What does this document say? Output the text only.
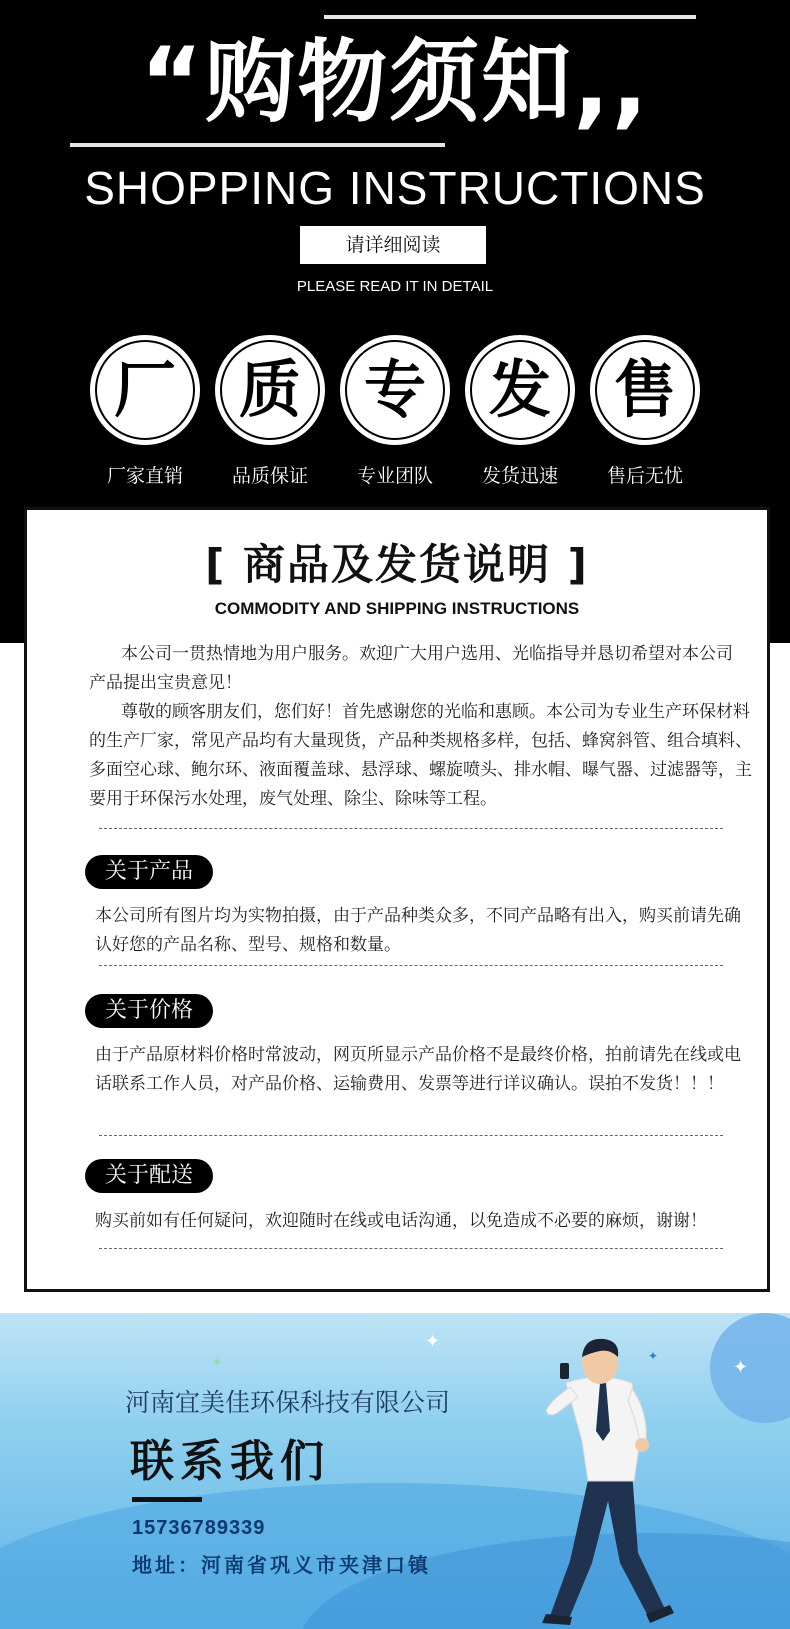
“购物须知,,
SHOPPING INSTRUCTIONS
请详细阅读
PLEASE READ IT IN DETAIL
厂
厂家直销
质
品质保证
专
专业团队
发
发货迅速
售
售后无忧
[ 商品及发货说明 ]
COMMODITY AND SHIPPING INSTRUCTIONS
本公司一贯热情地为用户服务。欢迎广大用户选用、光临指导并恳切希望对本公司产品提出宝贵意见！
尊敬的顾客朋友们，您们好！首先感谢您的光临和惠顾。本公司为专业生产环保材料的生产厂家，常见产品均有大量现货，产品种类规格多样，包括、蜂窝斜管、组合填料、多面空心球、鲍尔环、液面覆盖球、悬浮球、螺旋喷头、排水帽、曝气器、过滤器等，主要用于环保污水处理，废气处理、除尘、除味等工程。
关于产品
本公司所有图片均为实物拍摄，由于产品种类众多，不同产品略有出入，购买前请先确认好您的产品名称、型号、规格和数量。
关于价格
由于产品原材料价格时常波动，网页所显示产品价格不是最终价格，拍前请先在线或电话联系工作人员，对产品价格、运输费用、发票等进行详议确认。误拍不发货！！！
关于配送
购买前如有任何疑问，欢迎随时在线或电话沟通，以免造成不必要的麻烦，谢谢！
✦
✦
✦
✦
河南宜美佳环保科技有限公司
联系我们
15736789339
地址：河南省巩义市夹津口镇
